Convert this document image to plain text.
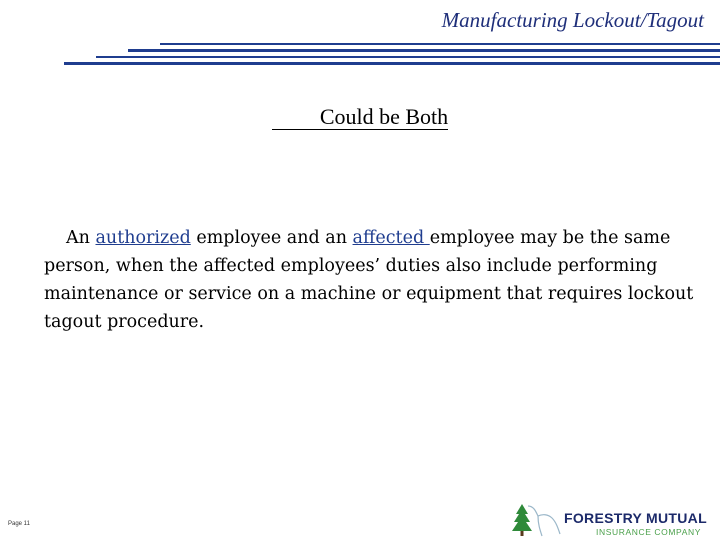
Manufacturing Lockout/Tagout
Could be Both
An authorized employee and an affected employee may be the same person, when the affected employees’ duties also include performing maintenance or service on a machine or equipment that requires lockout tagout procedure.
Page 11	FORESTRY MUTUAL
INSURANCE COMPANY
